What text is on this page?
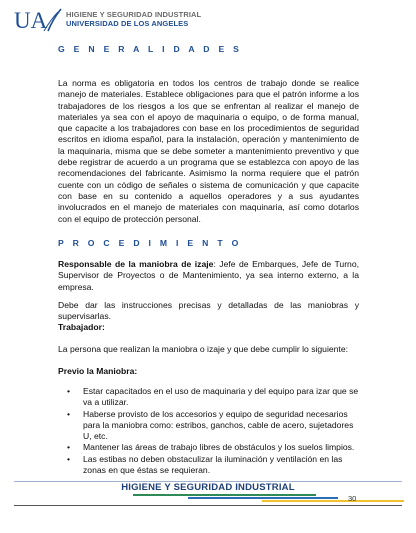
UA	HIGIENE Y SEGURIDAD INDUSTRIAL
UNIVERSIDAD DE LOS ANGELES
G E N E R A L I D A D E S
La norma es obligatoria en todos los centros de trabajo donde se realice manejo de materiales. Establece obligaciones para que el patrón informe a los trabajadores de los riesgos a los que se enfrentan al realizar el manejo de materiales ya sea con el apoyo de maquinaria o equipo, o de forma manual, que capacite a los trabajadores con base en los procedimientos de seguridad escritos en idioma español, para la instalación, operación y mantenimiento de la maquinaria, misma que se debe someter a mantenimiento preventivo y que debe registrar de acuerdo a un programa que se establezca con apoyo de las recomendaciones del fabricante. Asimismo la norma requiere que el patrón cuente con un código de señales o sistema de comunicación y que capacite con base en su contenido a aquellos operadores y a sus ayudantes involucrados en el manejo de materiales con maquinaria, así como dotarlos con el equipo de protección personal.
P R O C E D I M I E N T O
Responsable de la maniobra de izaje: Jefe de Embarques, Jefe de Turno, Supervisor de Proyectos o de Mantenimiento, ya sea interno externo, a la empresa.
Debe dar las instrucciones precisas y detalladas de las maniobras y supervisarlas.
Trabajador:
La persona que realizan la maniobra o izaje y que debe cumplir lo siguiente:
Previo la Maniobra:
• Estar capacitados en el uso de maquinaria y del equipo para izar que se va a utilizar.
• Haberse provisto de los accesorios y equipo de seguridad necesarios para la maniobra como: estribos, ganchos, cable de acero, sujetadores U, etc.
• Mantener las áreas de trabajo libres de obstáculos y los suelos limpios.
• Las estibas no deben obstaculizar la iluminación y ventilación en las zonas en que éstas se requieran.
HIGIENE Y SEGURIDAD INDUSTRIAL
30
